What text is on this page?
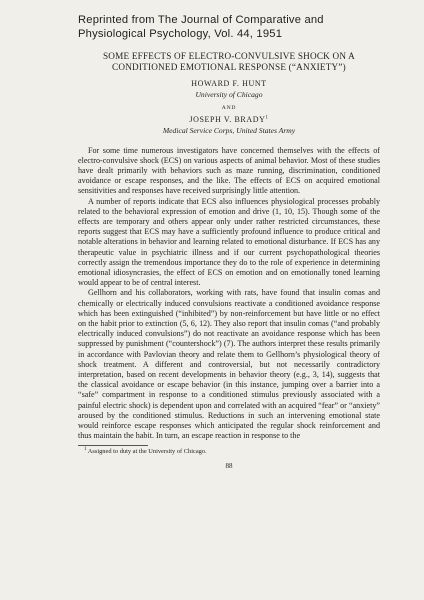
Reprinted from The Journal of Comparative and
Physiological Psychology, Vol. 44, 1951
SOME EFFECTS OF ELECTRO-CONVULSIVE SHOCK ON A
CONDITIONED EMOTIONAL RESPONSE (“ANXIETY”)

HOWARD F. HUNT

University of Chicago

AND

JOSEPH V. BRADY$^1$

Medical Service Corps, United States Army

For some time numerous investigators have concerned themselves with the effects of electro-convulsive shock (ECS) on various aspects of animal behavior. Most of these studies have dealt primarily with behaviors such as maze running, discrimination, conditioned avoidance or escape responses, and the like. The effects of ECS on acquired emotional sensitivities and responses have received surprisingly little attention.

A number of reports indicate that ECS also influences physiological processes probably related to the behavioral expression of emotion and drive (1, 10, 15). Though some of the effects are temporary and others appear only under rather restricted circumstances, these reports suggest that ECS may have a sufficiently profound influence to produce critical and notable alterations in behavior and learning related to emotional disturbance. If ECS has any therapeutic value in psychiatric illness and if our current psychopathological theories correctly assign the tremendous importance they do to the role of experience in determining emotional idiosyncrasies, the effect of ECS on emotion and on emotionally toned learning would appear to be of central interest.

Gellhorn and his collaborators, working with rats, have found that insulin comas and chemically or electrically induced convulsions reactivate a conditioned avoidance response which has been extinguished (“inhibited”) by non-reinforcement but have little or no effect on the habit prior to extinction (5, 6, 12). They also report that insulin comas (“and probably electrically induced convulsions”) do not reactivate an avoidance response which has been suppressed by punishment (“countershock”) (7). The authors interpret these results primarily in accordance with Pavlovian theory and relate them to Gellhorn’s physiological theory of shock treatment. A different and controversial, but not necessarily contradictory interpretation, based on recent developments in behavior theory (e.g., 3, 14), suggests that the classical avoidance or escape behavior (in this instance, jumping over a barrier into a “safe” compartment in response to a conditioned stimulus previously associated with a painful electric shock) is dependent upon and correlated with an acquired “fear” or “anxiety” aroused by the conditioned stimulus. Reductions in such an intervening emotional state would reinforce escape responses which anticipated the regular shock reinforcement and thus maintain the habit. In turn, an escape reaction in response to the

$^1$ Assigned to duty at the University of Chicago.

88
